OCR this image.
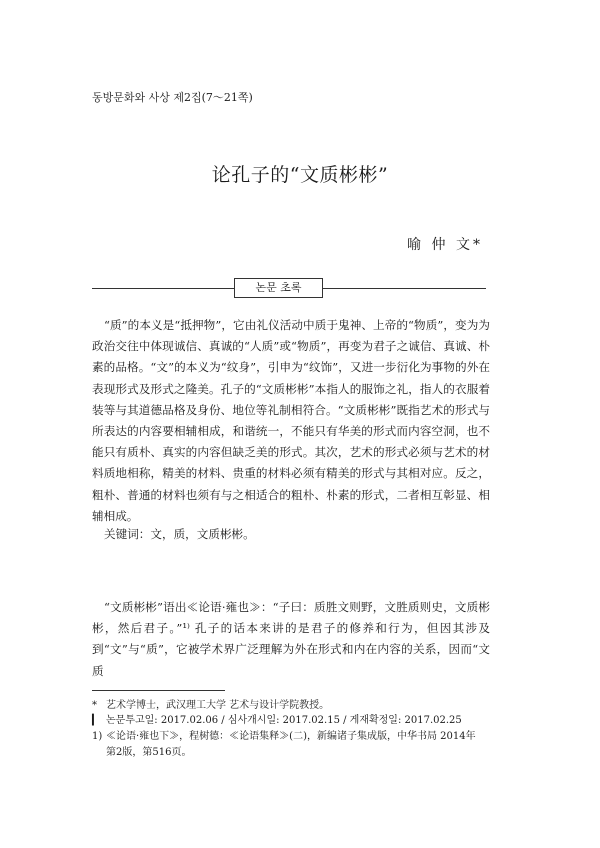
동방문화와 사상 제2집(7～21쪽)
论孔子的“文质彬彬”
喻 仲 文*
논문 초록

“质”的本义是“抵押物”，它由礼仪活动中质于鬼神、上帝的“物质”，变为为政治交往中体现诚信、真诚的“人质”或“物质”，再变为君子之诚信、真诚、朴素的品格。“文”的本义为“纹身”，引申为“纹饰”，又进一步衍化为事物的外在表现形式及形式之隆美。孔子的“文质彬彬”本指人的服饰之礼，指人的衣服着装等与其道德品格及身份、地位等礼制相符合。“文质彬彬”既指艺术的形式与所表达的内容要相辅相成，和谐统一，不能只有华美的形式而内容空洞，也不能只有质朴、真实的内容但缺乏美的形式。其次，艺术的形式必须与艺术的材料质地相称，精美的材料、贵重的材料必须有精美的形式与其相对应。反之，粗朴、普通的材料也须有与之相适合的粗朴、朴素的形式，二者相互彰显、相辅相成。

关键词：文，质，文质彬彬。

“文质彬彬”语出≪论语·雍也≫：“子曰：质胜文则野，文胜质则史，文质彬彬，然后君子。”¹⁾ 孔子的话本来讲的是君子的修养和行为，但因其涉及到“文”与“质”，它被学术界广泛理解为外在形式和内在内容的关系，因而“文质

* 艺术学博士，武汉理工大学 艺术与设计学院教授。

▎ 논문투고일: 2017.02.06 / 심사개시일: 2017.02.15 / 게재확정일: 2017.02.25

1) ≪论语·雍也下≫，程树德：≪论语集释≫(二)，新编诸子集成版，中华书局 2014年 第2版，第516页。
